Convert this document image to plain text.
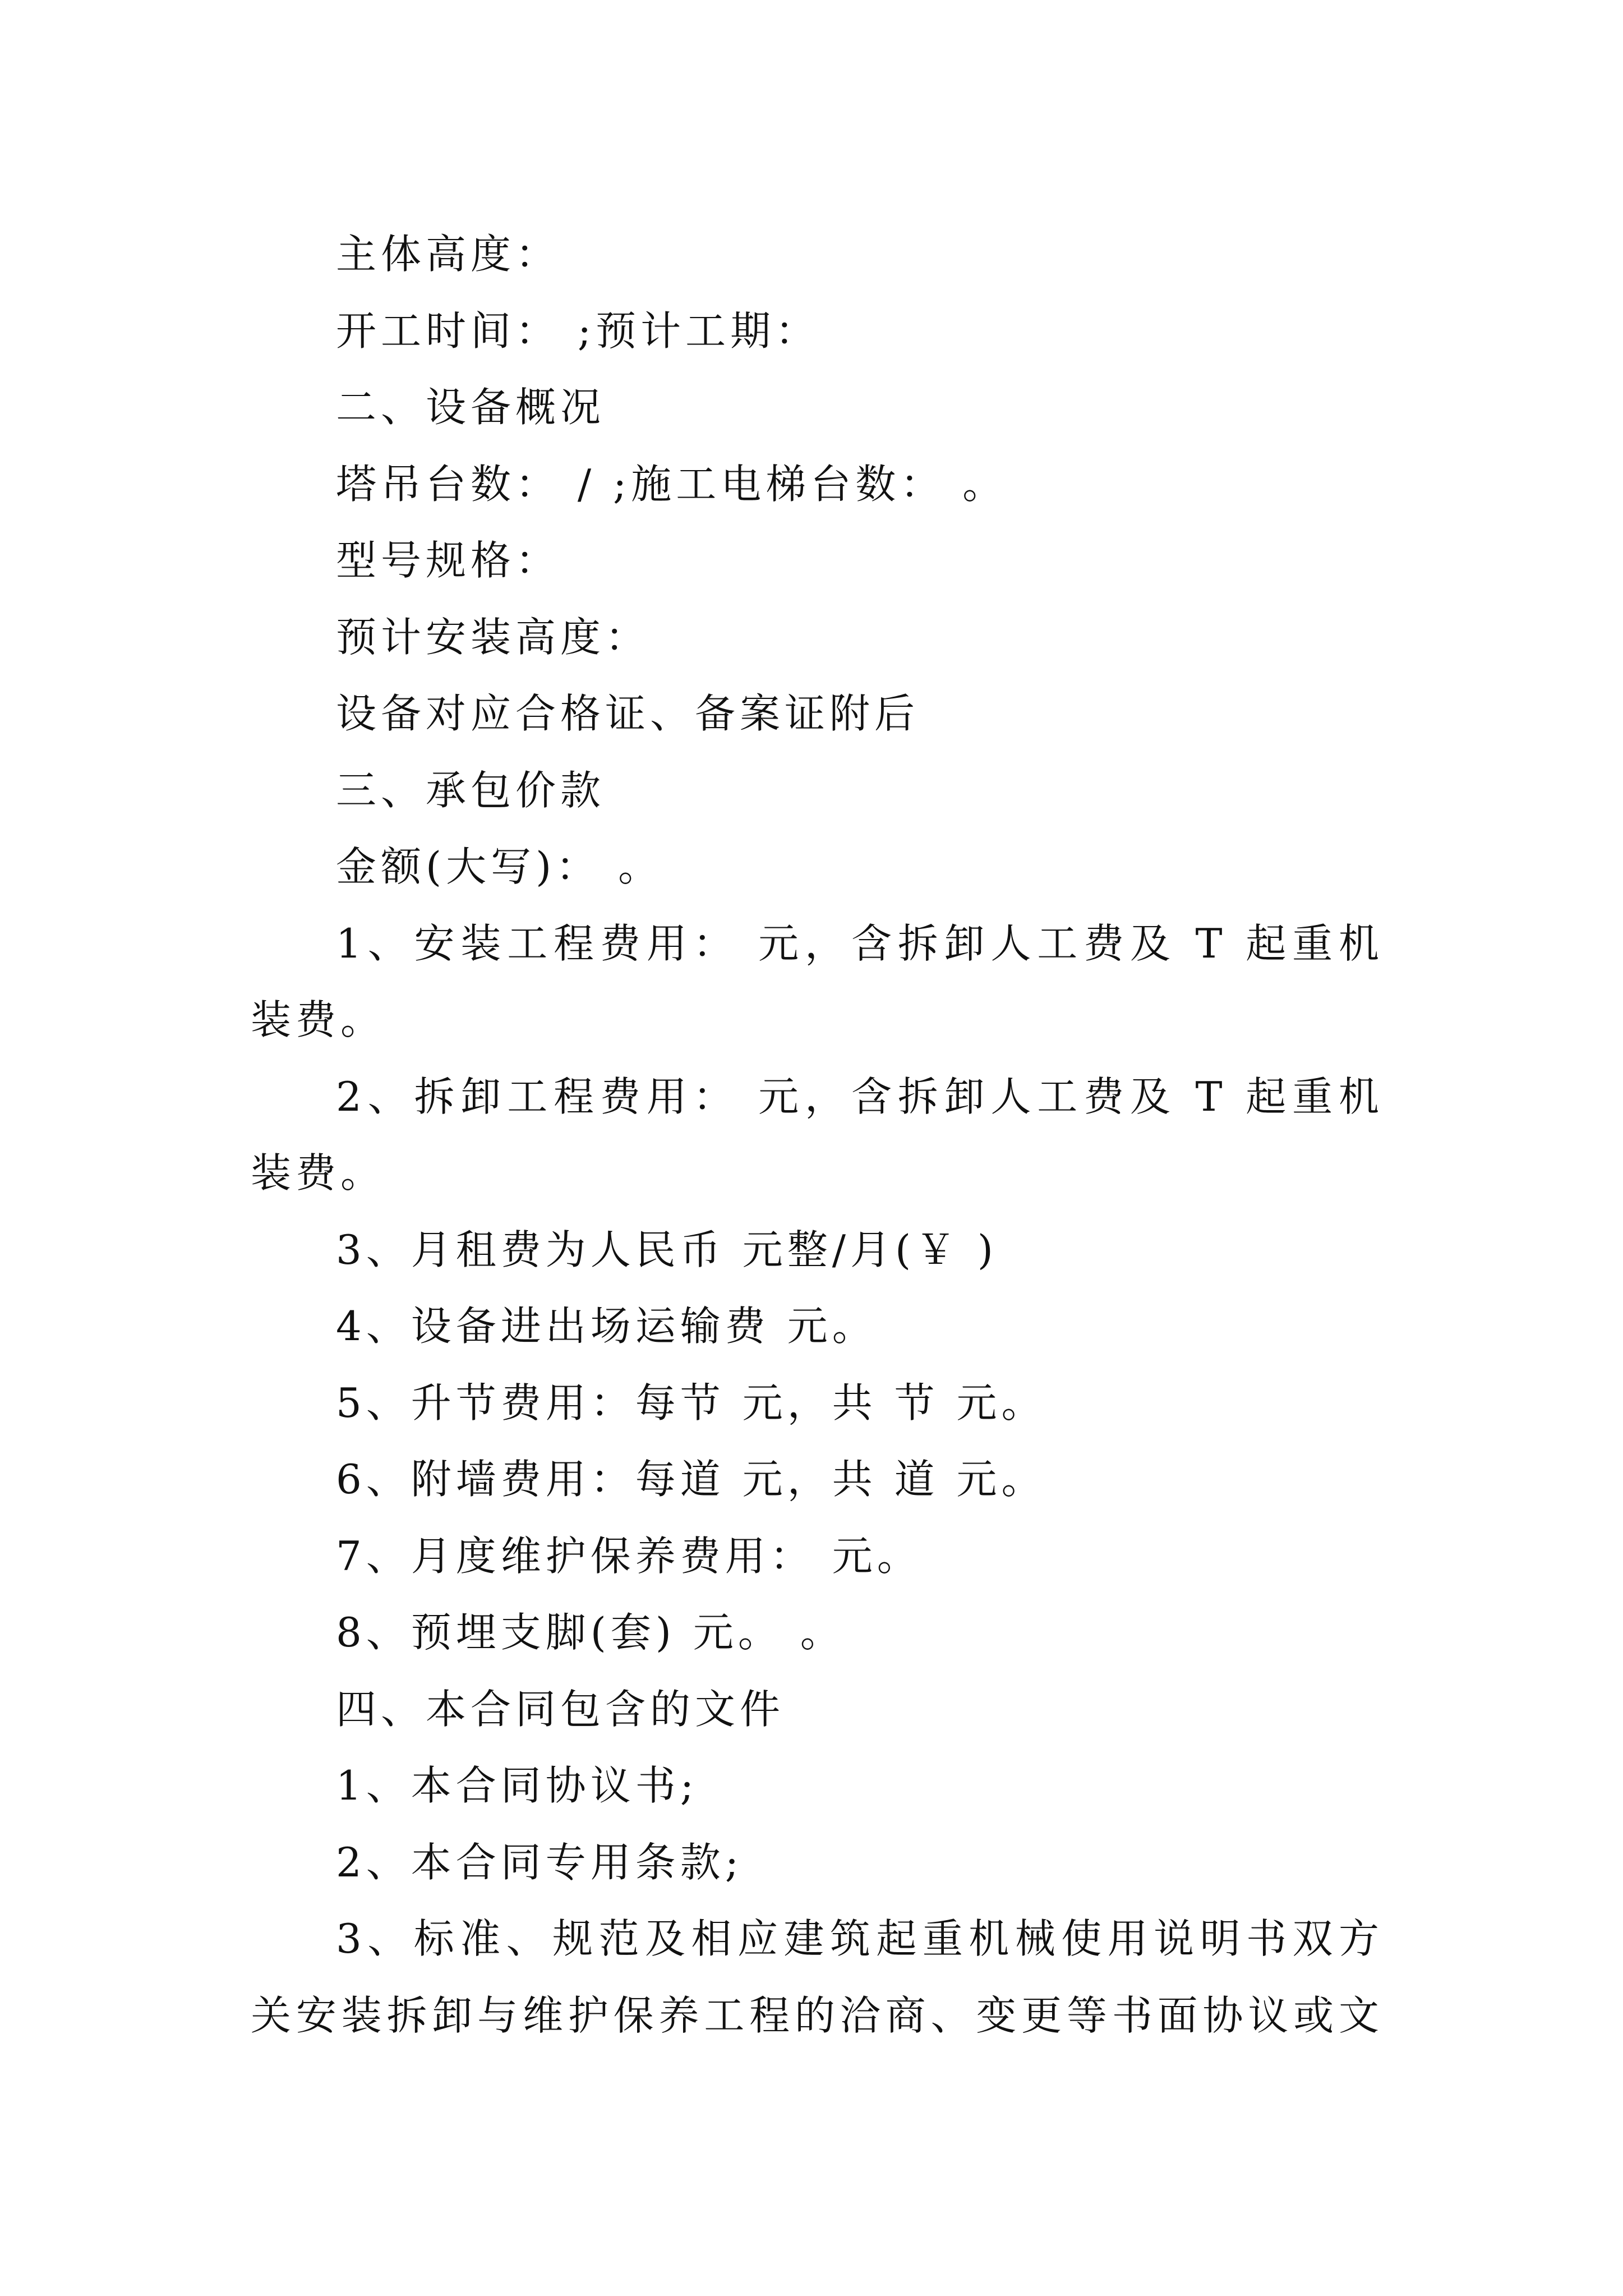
主体高度：
开工时间： ;预计工期：
二、设备概况
塔吊台数： / ;施工电梯台数： 。
型号规格：
预计安装高度：
设备对应合格证、备案证附后
三、承包价款
金额(大写)： 。
1、安装工程费用： 元，含拆卸人工费及 T 起重机
装费。
2、拆卸工程费用： 元，含拆卸人工费及 T 起重机
装费。
3、月租费为人民币 元整/月(￥ )
4、设备进出场运输费 元。
5、升节费用：每节 元，共 节 元。
6、附墙费用：每道 元，共 道 元。
7、月度维护保养费用： 元。
8、预埋支脚(套) 元。 。
四、本合同包含的文件
1、本合同协议书;
2、本合同专用条款;
3、标准、规范及相应建筑起重机械使用说明书双方
关安装拆卸与维护保养工程的洽商、变更等书面协议或文
